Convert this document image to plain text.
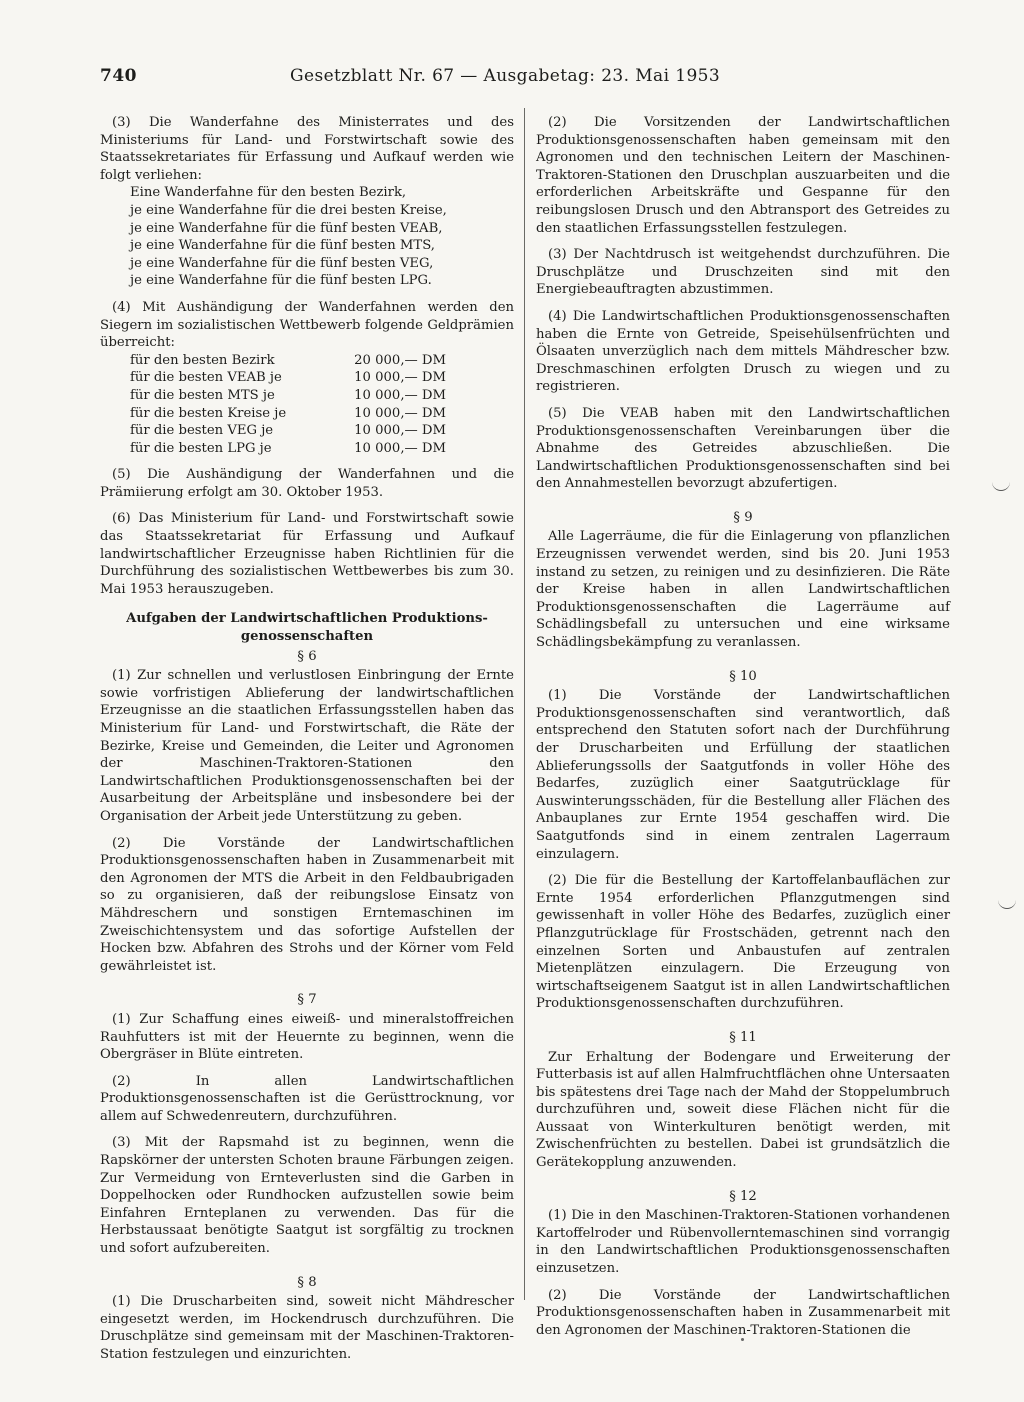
740	Gesetzblatt Nr. 67 — Ausgabetag: 23. Mai 1953

(3) Die Wanderfahne des Ministerrates und des Ministeriums für Land- und Forstwirtschaft sowie des Staatssekretariates für Erfassung und Aufkauf werden wie folgt verliehen:

Eine Wanderfahne für den besten Bezirk,
je eine Wanderfahne für die drei besten Kreise,
je eine Wanderfahne für die fünf besten VEAB,
je eine Wanderfahne für die fünf besten MTS,
je eine Wanderfahne für die fünf besten VEG,
je eine Wanderfahne für die fünf besten LPG.

(4) Mit Aushändigung der Wanderfahnen werden den Siegern im sozialistischen Wettbewerb folgende Geldprämien überreicht:

für den besten Bezirk	20 000,— DM
für die besten VEAB je	10 000,— DM
für die besten MTS je	10 000,— DM
für die besten Kreise je	10 000,— DM
für die besten VEG je	10 000,— DM
für die besten LPG je	10 000,— DM

(5) Die Aushändigung der Wanderfahnen und die Prämiierung erfolgt am 30. Oktober 1953.

(6) Das Ministerium für Land- und Forstwirtschaft sowie das Staatssekretariat für Erfassung und Aufkauf landwirtschaftlicher Erzeugnisse haben Richtlinien für die Durchführung des sozialistischen Wettbewerbes bis zum 30. Mai 1953 herauszugeben.

Aufgaben der Landwirtschaftlichen Produktions-
genossenschaften
§ 6

(1) Zur schnellen und verlustlosen Einbringung der Ernte sowie vorfristigen Ablieferung der landwirtschaftlichen Erzeugnisse an die staatlichen Erfassungsstellen haben das Ministerium für Land- und Forstwirtschaft, die Räte der Bezirke, Kreise und Gemeinden, die Leiter und Agronomen der Maschinen-Traktoren-Stationen den Landwirtschaftlichen Produktionsgenossenschaften bei der Ausarbeitung der Arbeitspläne und insbesondere bei der Organisation der Arbeit jede Unterstützung zu geben.

(2) Die Vorstände der Landwirtschaftlichen Produktionsgenossenschaften haben in Zusammenarbeit mit den Agronomen der MTS die Arbeit in den Feldbaubrigaden so zu organisieren, daß der reibungslose Einsatz von Mähdreschern und sonstigen Erntemaschinen im Zweischichtensystem und das sofortige Aufstellen der Hocken bzw. Abfahren des Strohs und der Körner vom Feld gewährleistet ist.

§ 7

(1) Zur Schaffung eines eiweiß- und mineralstoffreichen Rauhfutters ist mit der Heuernte zu beginnen, wenn die Obergräser in Blüte eintreten.

(2) In allen Landwirtschaftlichen Produktionsgenossenschaften ist die Gerüsttrocknung, vor allem auf Schwedenreutern, durchzuführen.

(3) Mit der Rapsmahd ist zu beginnen, wenn die Rapskörner der untersten Schoten braune Färbungen zeigen. Zur Vermeidung von Ernteverlusten sind die Garben in Doppelhocken oder Rundhocken aufzustellen sowie beim Einfahren Ernteplanen zu verwenden. Das für die Herbstaussaat benötigte Saatgut ist sorgfältig zu trocknen und sofort aufzubereiten.

§ 8

(1) Die Druscharbeiten sind, soweit nicht Mähdrescher eingesetzt werden, im Hockendrusch durchzuführen. Die Druschplätze sind gemeinsam mit der Maschinen-Traktoren-Station festzulegen und einzurichten.

(2) Die Vorsitzenden der Landwirtschaftlichen Produktionsgenossenschaften haben gemeinsam mit den Agronomen und den technischen Leitern der Maschinen-Traktoren-Stationen den Druschplan auszuarbeiten und die erforderlichen Arbeitskräfte und Gespanne für den reibungslosen Drusch und den Abtransport des Getreides zu den staatlichen Erfassungsstellen festzulegen.

(3) Der Nachtdrusch ist weitgehendst durchzuführen. Die Druschplätze und Druschzeiten sind mit den Energiebeauftragten abzustimmen.

(4) Die Landwirtschaftlichen Produktionsgenossenschaften haben die Ernte von Getreide, Speisehülsenfrüchten und Ölsaaten unverzüglich nach dem mittels Mähdrescher bzw. Dreschmaschinen erfolgten Drusch zu wiegen und zu registrieren.

(5) Die VEAB haben mit den Landwirtschaftlichen Produktionsgenossenschaften Vereinbarungen über die Abnahme des Getreides abzuschließen. Die Landwirtschaftlichen Produktionsgenossenschaften sind bei den Annahmestellen bevorzugt abzufertigen.

§ 9

Alle Lagerräume, die für die Einlagerung von pflanzlichen Erzeugnissen verwendet werden, sind bis 20. Juni 1953 instand zu setzen, zu reinigen und zu desinfizieren. Die Räte der Kreise haben in allen Landwirtschaftlichen Produktionsgenossenschaften die Lagerräume auf Schädlingsbefall zu untersuchen und eine wirksame Schädlingsbekämpfung zu veranlassen.

§ 10

(1) Die Vorstände der Landwirtschaftlichen Produktionsgenossenschaften sind verantwortlich, daß entsprechend den Statuten sofort nach der Durchführung der Druscharbeiten und Erfüllung der staatlichen Ablieferungssolls der Saatgutfonds in voller Höhe des Bedarfes, zuzüglich einer Saatgutrücklage für Auswinterungsschäden, für die Bestellung aller Flächen des Anbauplanes zur Ernte 1954 geschaffen wird. Die Saatgutfonds sind in einem zentralen Lagerraum einzulagern.

(2) Die für die Bestellung der Kartoffelanbauflächen zur Ernte 1954 erforderlichen Pflanzgutmengen sind gewissenhaft in voller Höhe des Bedarfes, zuzüglich einer Pflanzgutrücklage für Frostschäden, getrennt nach den einzelnen Sorten und Anbaustufen auf zentralen Mietenplätzen einzulagern. Die Erzeugung von wirtschaftseigenem Saatgut ist in allen Landwirtschaftlichen Produktionsgenossenschaften durchzuführen.

§ 11

Zur Erhaltung der Bodengare und Erweiterung der Futterbasis ist auf allen Halmfruchtflächen ohne Untersaaten bis spätestens drei Tage nach der Mahd der Stoppelumbruch durchzuführen und, soweit diese Flächen nicht für die Aussaat von Winterkulturen benötigt werden, mit Zwischenfrüchten zu bestellen. Dabei ist grundsätzlich die Gerätekopplung anzuwenden.

§ 12

(1) Die in den Maschinen-Traktoren-Stationen vorhandenen Kartoffelroder und Rübenvollerntemaschinen sind vorrangig in den Landwirtschaftlichen Produktionsgenossenschaften einzusetzen.

(2) Die Vorstände der Landwirtschaftlichen Produktionsgenossenschaften haben in Zusammenarbeit mit den Agronomen der Maschinen-Traktoren-Stationen die
